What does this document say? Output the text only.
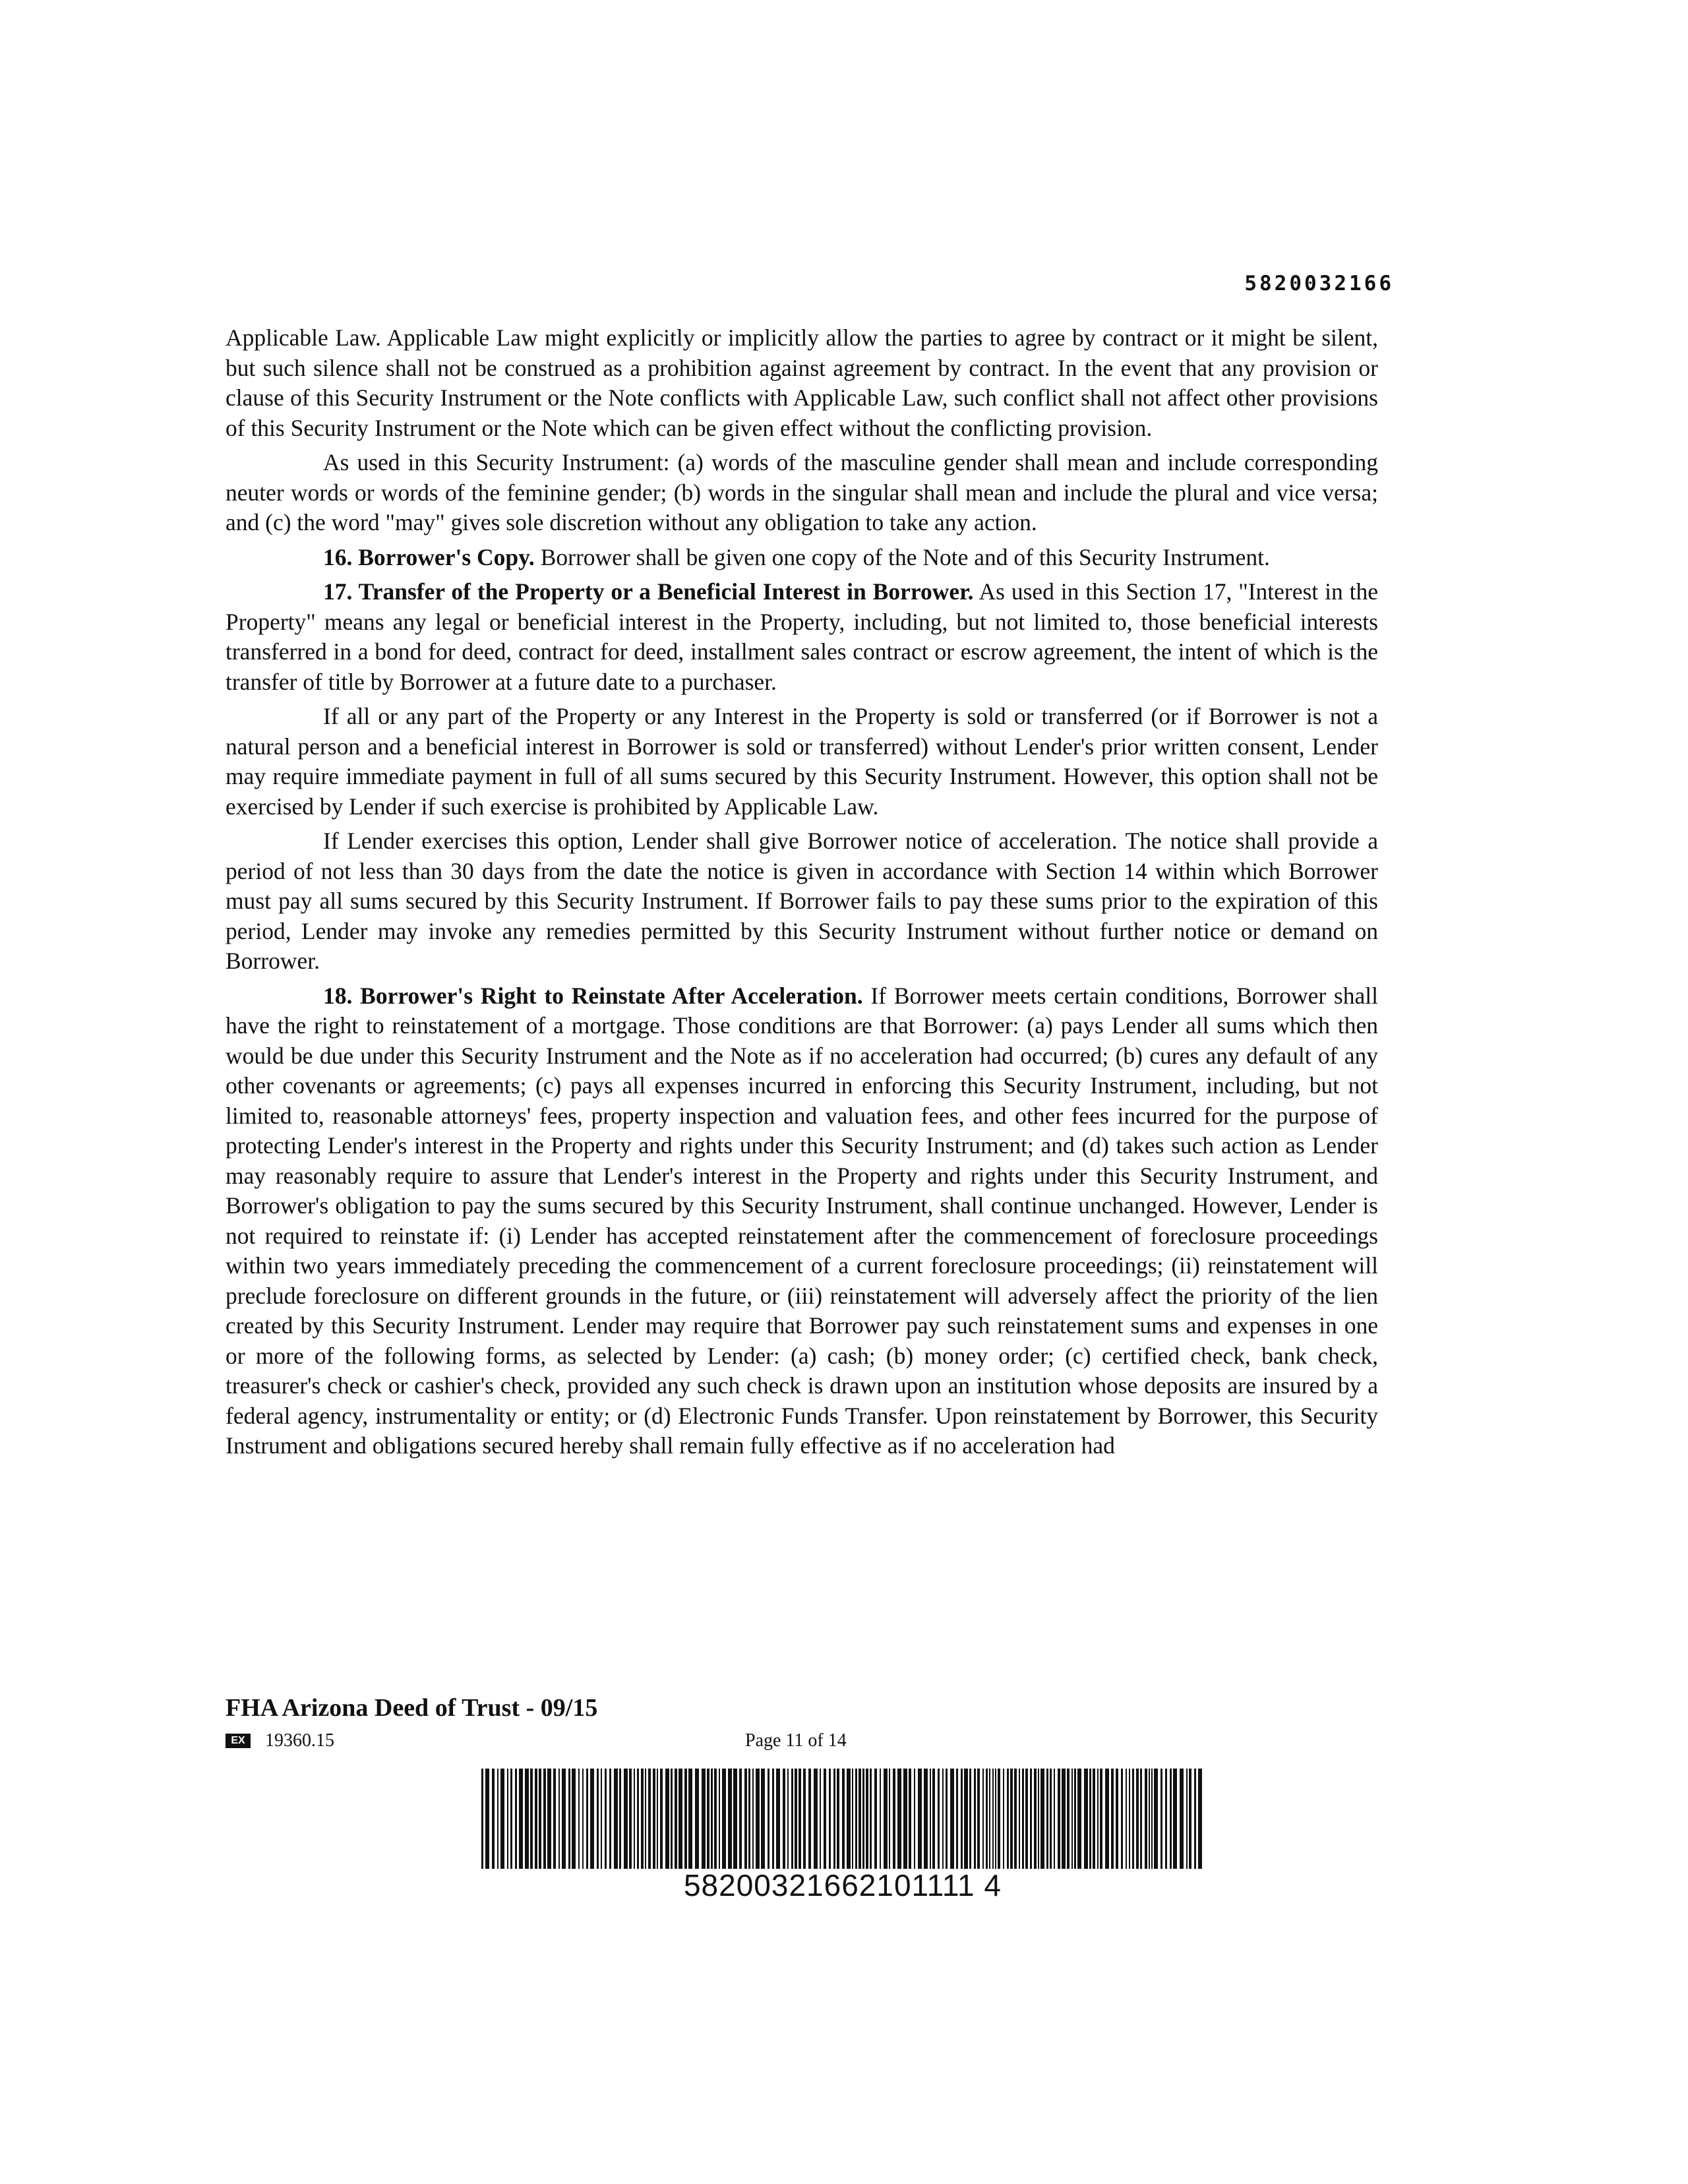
5820032166

Applicable Law. Applicable Law might explicitly or implicitly allow the parties to agree by contract or it might be silent, but such silence shall not be construed as a prohibition against agreement by contract. In the event that any provision or clause of this Security Instrument or the Note conflicts with Applicable Law, such conflict shall not affect other provisions of this Security Instrument or the Note which can be given effect without the conflicting provision.

As used in this Security Instrument: (a) words of the masculine gender shall mean and include corresponding neuter words or words of the feminine gender; (b) words in the singular shall mean and include the plural and vice versa; and (c) the word "may" gives sole discretion without any obligation to take any action.

16. Borrower's Copy. Borrower shall be given one copy of the Note and of this Security Instrument.

17. Transfer of the Property or a Beneficial Interest in Borrower. As used in this Section 17, "Interest in the Property" means any legal or beneficial interest in the Property, including, but not limited to, those beneficial interests transferred in a bond for deed, contract for deed, installment sales contract or escrow agreement, the intent of which is the transfer of title by Borrower at a future date to a purchaser.

If all or any part of the Property or any Interest in the Property is sold or transferred (or if Borrower is not a natural person and a beneficial interest in Borrower is sold or transferred) without Lender's prior written consent, Lender may require immediate payment in full of all sums secured by this Security Instrument. However, this option shall not be exercised by Lender if such exercise is prohibited by Applicable Law.

If Lender exercises this option, Lender shall give Borrower notice of acceleration. The notice shall provide a period of not less than 30 days from the date the notice is given in accordance with Section 14 within which Borrower must pay all sums secured by this Security Instrument. If Borrower fails to pay these sums prior to the expiration of this period, Lender may invoke any remedies permitted by this Security Instrument without further notice or demand on Borrower.

18. Borrower's Right to Reinstate After Acceleration. If Borrower meets certain conditions, Borrower shall have the right to reinstatement of a mortgage. Those conditions are that Borrower: (a) pays Lender all sums which then would be due under this Security Instrument and the Note as if no acceleration had occurred; (b) cures any default of any other covenants or agreements; (c) pays all expenses incurred in enforcing this Security Instrument, including, but not limited to, reasonable attorneys' fees, property inspection and valuation fees, and other fees incurred for the purpose of protecting Lender's interest in the Property and rights under this Security Instrument; and (d) takes such action as Lender may reasonably require to assure that Lender's interest in the Property and rights under this Security Instrument, and Borrower's obligation to pay the sums secured by this Security Instrument, shall continue unchanged. However, Lender is not required to reinstate if: (i) Lender has accepted reinstatement after the commencement of foreclosure proceedings within two years immediately preceding the commencement of a current foreclosure proceedings; (ii) reinstatement will preclude foreclosure on different grounds in the future, or (iii) reinstatement will adversely affect the priority of the lien created by this Security Instrument. Lender may require that Borrower pay such reinstatement sums and expenses in one or more of the following forms, as selected by Lender: (a) cash; (b) money order; (c) certified check, bank check, treasurer's check or cashier's check, provided any such check is drawn upon an institution whose deposits are insured by a federal agency, instrumentality or entity; or (d) Electronic Funds Transfer. Upon reinstatement by Borrower, this Security Instrument and obligations secured hereby shall remain fully effective as if no acceleration had

FHA Arizona Deed of Trust - 09/15
EX 19360.15	Page 11 of 14
58200321662101111 4
